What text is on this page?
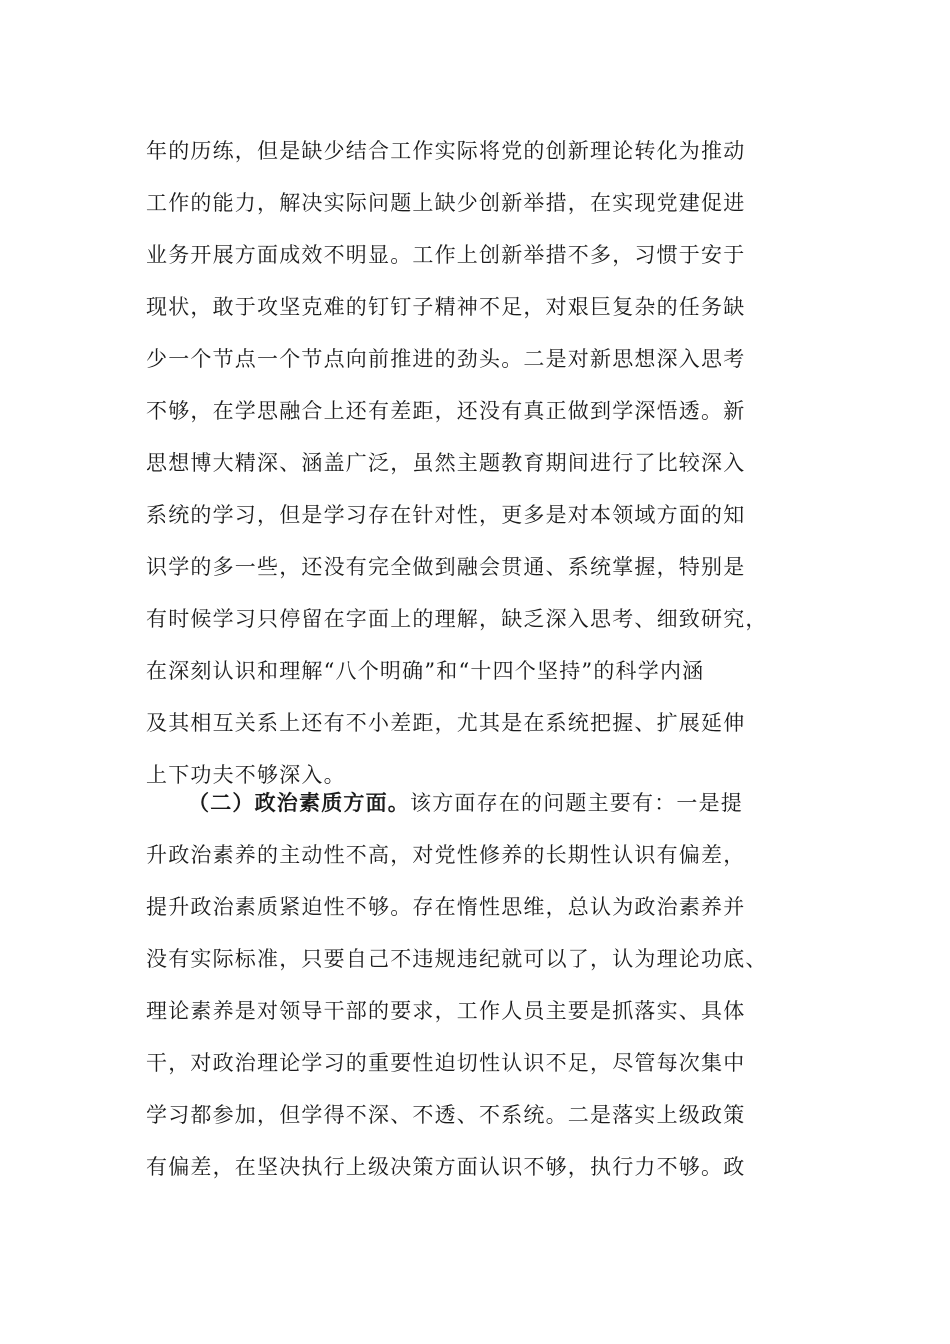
年的历练，但是缺少结合工作实际将党的创新理论转化为推动
工作的能力，解决实际问题上缺少创新举措，在实现党建促进
业务开展方面成效不明显。工作上创新举措不多，习惯于安于
现状，敢于攻坚克难的钉钉子精神不足，对艰巨复杂的任务缺
少一个节点一个节点向前推进的劲头。二是对新思想深入思考
不够，在学思融合上还有差距，还没有真正做到学深悟透。新
思想博大精深、涵盖广泛，虽然主题教育期间进行了比较深入
系统的学习，但是学习存在针对性，更多是对本领域方面的知
识学的多一些，还没有完全做到融会贯通、系统掌握，特别是
有时候学习只停留在字面上的理解，缺乏深入思考、细致研究，
在深刻认识和理解“八个明确”和“十四个坚持”的科学内涵
及其相互关系上还有不小差距，尤其是在系统把握、扩展延伸
上下功夫不够深入。
（二）政治素质方面。该方面存在的问题主要有：一是提
升政治素养的主动性不高，对党性修养的长期性认识有偏差，
提升政治素质紧迫性不够。存在惰性思维，总认为政治素养并
没有实际标准，只要自己不违规违纪就可以了，认为理论功底、
理论素养是对领导干部的要求，工作人员主要是抓落实、具体
干，对政治理论学习的重要性迫切性认识不足，尽管每次集中
学习都参加，但学得不深、不透、不系统。二是落实上级政策
有偏差，在坚决执行上级决策方面认识不够，执行力不够。政
